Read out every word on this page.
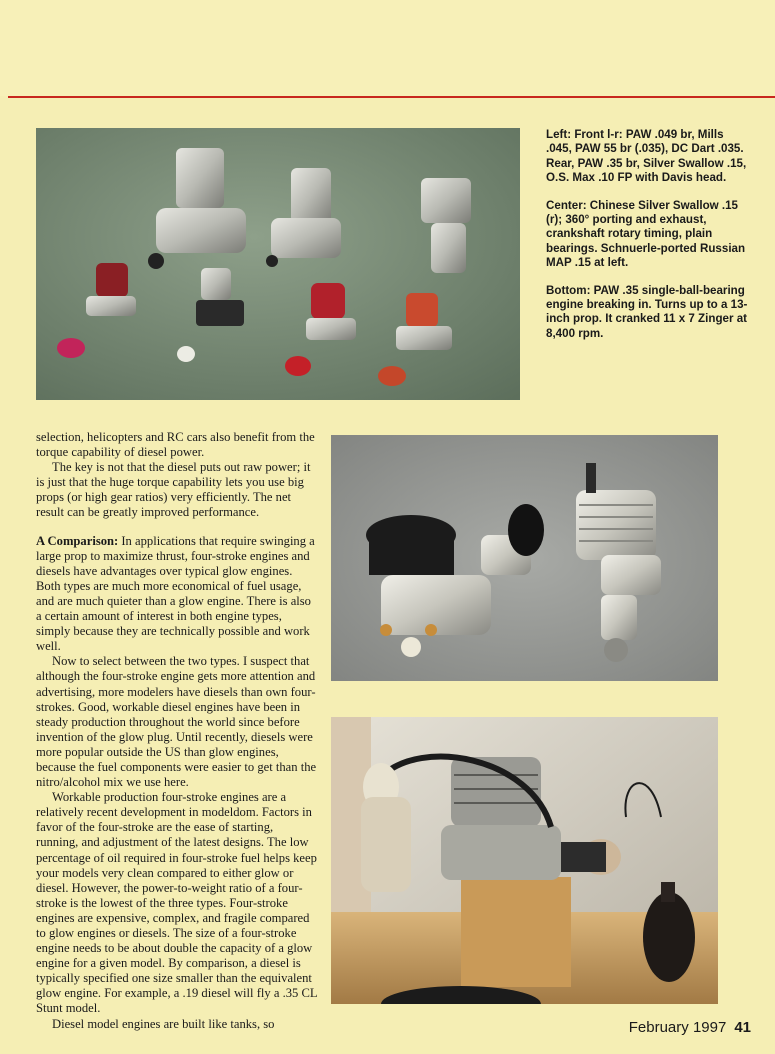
Left: Front l-r: PAW .049 br, Mills .045, PAW 55 br (.035), DC Dart .035. Rear, PAW .35 br, Silver Swallow .15, O.S. Max .10 FP with Davis head.

Center: Chinese Silver Swallow .15 (r); 360° porting and exhaust, crankshaft rotary timing, plain bearings. Schnuerle-ported Russian MAP .15 at left.

Bottom: PAW .35 single-ball-bearing engine breaking in. Turns up to a 13-inch prop. It cranked 11 x 7 Zinger at 8,400 rpm.

selection, helicopters and RC cars also benefit from the torque capability of diesel power.

The key is not that the diesel puts out raw power; it is just that the huge torque capability lets you use big props (or high gear ratios) very efficiently. The net result can be greatly improved performance.

A Comparison: In applications that require swinging a large prop to maximize thrust, four-stroke engines and diesels have advantages over typical glow engines. Both types are much more economical of fuel usage, and are much quieter than a glow engine. There is also a certain amount of interest in both engine types, simply because they are technically possible and work well.

Now to select between the two types. I suspect that although the four-stroke engine gets more attention and advertising, more modelers have diesels than own four-strokes. Good, workable diesel engines have been in steady production throughout the world since before invention of the glow plug. Until recently, diesels were more popular outside the US than glow engines, because the fuel components were easier to get than the nitro/alcohol mix we use here.

Workable production four-stroke engines are a relatively recent development in modeldom. Factors in favor of the four-stroke are the ease of starting, running, and adjustment of the latest designs. The low percentage of oil required in four-stroke fuel helps keep your models very clean compared to either glow or diesel. However, the power-to-weight ratio of a four-stroke is the lowest of the three types. Four-stroke engines are expensive, complex, and fragile compared to glow engines or diesels. The size of a four-stroke engine needs to be about double the capacity of a glow engine for a given model. By comparison, a diesel is typically specified one size smaller than the equivalent glow engine. For example, a .19 diesel will fly a .35 CL Stunt model.

Diesel model engines are built like tanks, so	February 1997 41
